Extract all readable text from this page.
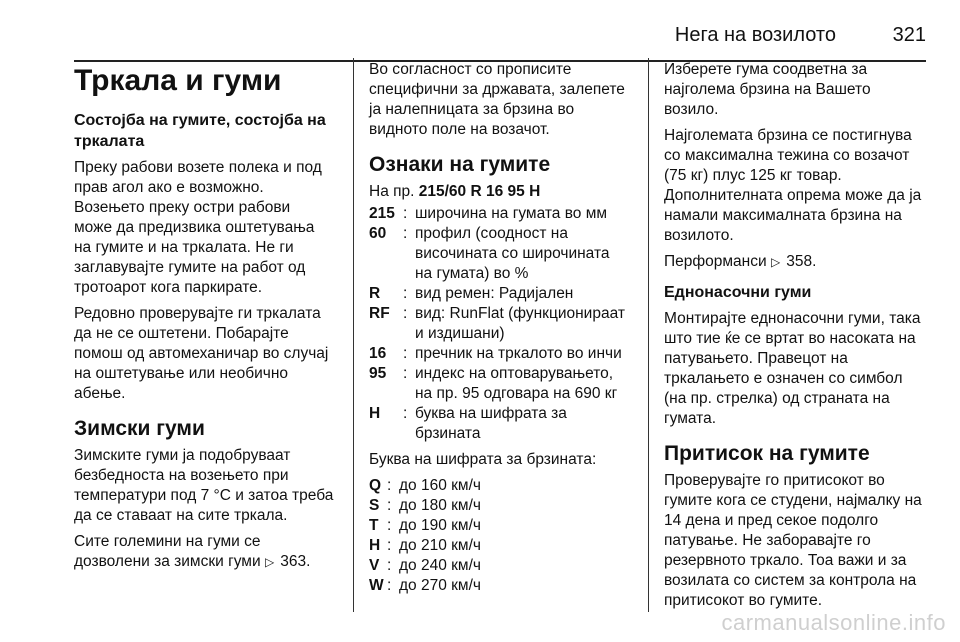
Нега на возилото	321
Тркала и гуми
Состојба на гумите, состојба на
тркалата

Преку рабови возете полека и под
прав агол ако е возможно.
Возењето преку остри рабови
може да предизвика оштетувања
на гумите и на тркалата. Не ги
заглавувајте гумите на работ од
тротоарот кога паркирате.

Редовно проверувајте ги тркалата
да не се оштетени. Побарајте
помош од автомеханичар во случај
на оштетување или необично
абење.

Зимски гуми

Зимските гуми ја подобруваат
безбедноста на возењето при
температури под 7 °C и затоа треба
да се ставаат на сите тркала.

Сите големини на гуми се
дозволени за зимски гуми ▷ 363.

Во согласност со прописите
специфични за државата, залепете
ја налепницата за брзина во
видното поле на возачот.

Ознаки на гумите

На пр. 215/60 R 16 95 H

215	:	широчина на гумата во мм

60	:	профил (соодност на
височината со широчината
на гумата) во %

R	:	вид ремен: Радијален

RF	:	вид: RunFlat (функционираат
и издишани)

16	:	пречник на тркалото во инчи

95	:	индекс на оптоварувањето,
на пр. 95 одговара на 690 кг

H	:	буква на шифрата за
брзината

Буква на шифрата за брзината:

Q	:	до 160 км/ч
S	:	до 180 км/ч
T	:	до 190 км/ч
H	:	до 210 км/ч
V	:	до 240 км/ч
W	:	до 270 км/ч

Изберете гума соодветна за
најголема брзина на Вашето
возило.

Најголемата брзина се постигнува
со максимална тежина со возачот
(75 кг) плус 125 кг товар.
Дополнителната опрема може да ја
намали максималната брзина на
возилото.

Перформанси ▷ 358.

Еднонасочни гуми

Монтирајте еднонасочни гуми, така
што тие ќе се вртат во насоката на
патувањето. Правецот на
тркалањето е означен со симбол
(на пр. стрелка) од страната на
гумата.

Притисок на гумите

Проверувајте го притисокот во
гумите кога се студени, најмалку на
14 дена и пред секое подолго
патување. Не заборавајте го
резервното тркало. Тоа важи и за
возилата со систем за контрола на
притисокот во гумите.

carmanualsonline.info
